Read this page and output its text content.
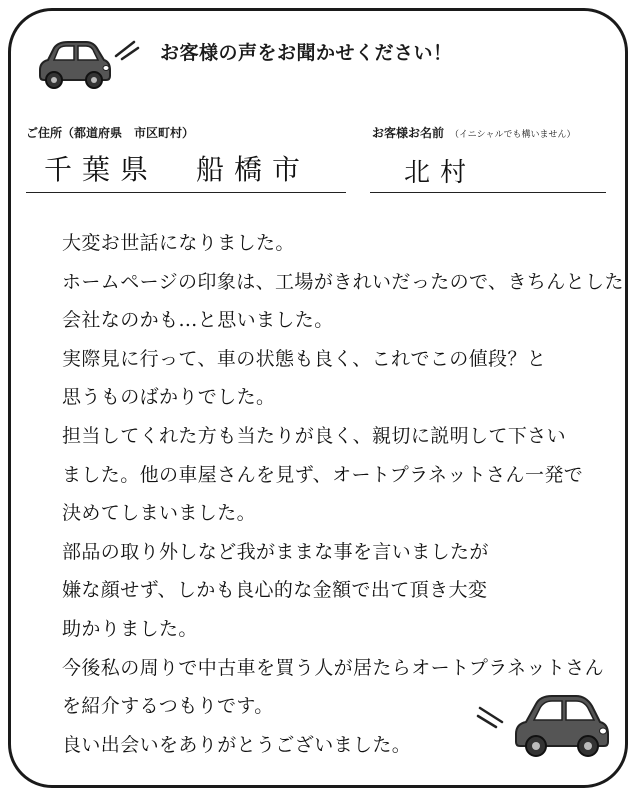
お客様の声をお聞かせください！
ご住所（都道府県　市区町村）	お客様お名前 （イニシャルでも構いません）
千葉県　船橋市	北村
大変お世話になりました。
ホームページの印象は、工場がきれいだったので、きちんとした
会社なのかも…と思いました。
実際見に行って、車の状態も良く、これでこの値段？と
思うものばかりでした。
担当してくれた方も当たりが良く、親切に説明して下さい
ました。他の車屋さんを見ず、オートプラネットさん一発で
決めてしまいました。
部品の取り外しなど我がままな事を言いましたが
嫌な顔せず、しかも良心的な金額で出て頂き大変
助かりました。
今後私の周りで中古車を買う人が居たらオートプラネットさん
を紹介するつもりです。
良い出会いをありがとうございました。
